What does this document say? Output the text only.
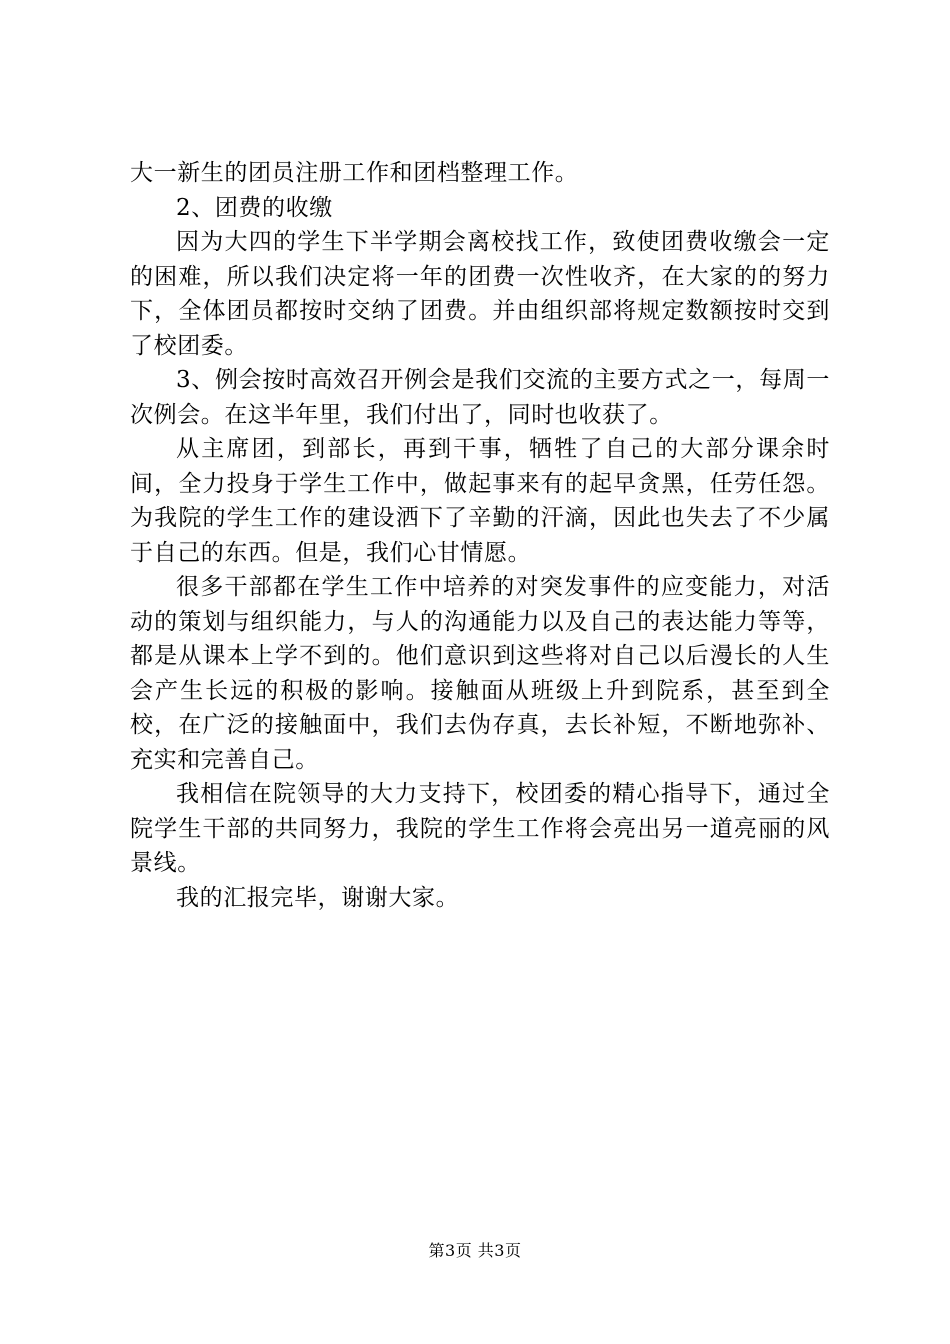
大一新生的团员注册工作和团档整理工作。

2、团费的收缴

因为大四的学生下半学期会离校找工作，致使团费收缴会一定的困难，所以我们决定将一年的团费一次性收齐，在大家的的努力下，全体团员都按时交纳了团费。并由组织部将规定数额按时交到了校团委。

3、例会按时高效召开例会是我们交流的主要方式之一，每周一次例会。在这半年里，我们付出了，同时也收获了。

从主席团，到部长，再到干事，牺牲了自己的大部分课余时间，全力投身于学生工作中，做起事来有的起早贪黑，任劳任怨。为我院的学生工作的建设洒下了辛勤的汗滴，因此也失去了不少属于自己的东西。但是，我们心甘情愿。

很多干部都在学生工作中培养的对突发事件的应变能力，对活动的策划与组织能力，与人的沟通能力以及自己的表达能力等等，都是从课本上学不到的。他们意识到这些将对自己以后漫长的人生会产生长远的积极的影响。接触面从班级上升到院系，甚至到全校，在广泛的接触面中，我们去伪存真，去长补短，不断地弥补、充实和完善自己。

我相信在院领导的大力支持下，校团委的精心指导下，通过全院学生干部的共同努力，我院的学生工作将会亮出另一道亮丽的风景线。

我的汇报完毕，谢谢大家。

第3页 共3页
